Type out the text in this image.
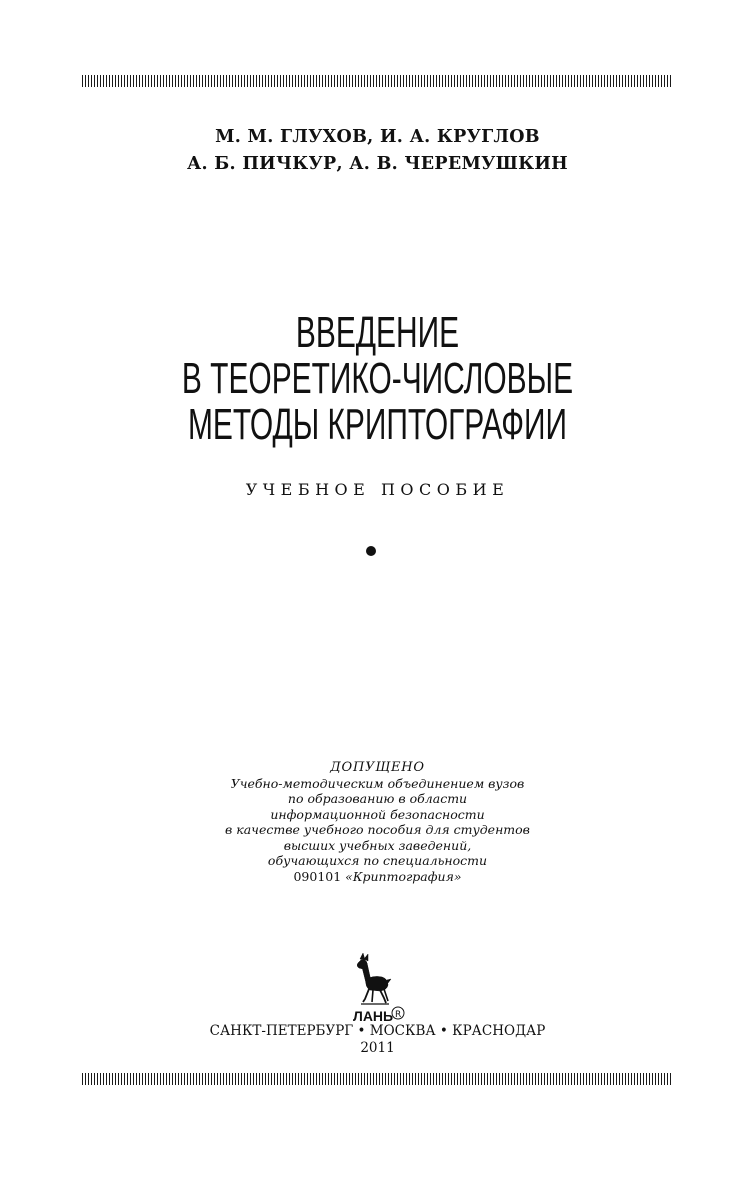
М. М. ГЛУХОВ, И. А. КРУГЛОВ
А. Б. ПИЧКУР, А. В. ЧЕРЕМУШКИН
ВВЕДЕНИЕ
В ТЕОРЕТИКО-ЧИСЛОВЫЕ
МЕТОДЫ КРИПТОГРАФИИ
УЧЕБНОЕ ПОСОБИЕ
ДОПУЩЕНО
Учебно-методическим объединением вузов
по образованию в области
информационной безопасности
в качестве учебного пособия для студентов
высших учебных заведений,
обучающихся по специальности
090101 «Криптография»
ЛАНЬ R
САНКТ-ПЕТЕРБУРГ • МОСКВА • КРАСНОДАР
2011
